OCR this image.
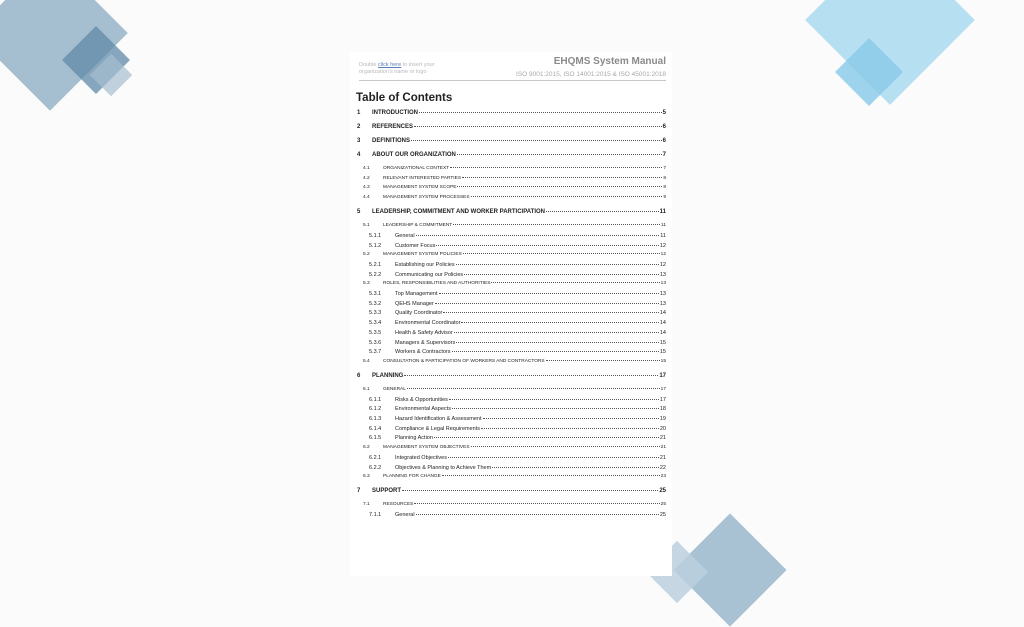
Double click here to insert your organization's name or logo
EHQMS System Manual
ISO 9001:2015, ISO 14001:2015 & ISO 45001:2018
Table of Contents
1	INTRODUCTION	5
2	REFERENCES	6
3	DEFINITIONS	6
4	ABOUT OUR ORGANIZATION	7
4.1	ORGANIZATIONAL CONTEXT	7
4.2	RELEVANT INTERESTED PARTIES	8
4.3	MANAGEMENT SYSTEM SCOPE	8
4.4	MANAGEMENT SYSTEM PROCESSES	9
5	LEADERSHIP, COMMITMENT AND WORKER PARTICIPATION	11
5.1	LEADERSHIP & COMMITMENT	11
5.1.1	General	11
5.1.2	Customer Focus	12
5.2	MANAGEMENT SYSTEM POLICIES	12
5.2.1	Establishing our Policies	12
5.2.2	Communicating our Policies	13
5.3	ROLES, RESPONSIBILITIES AND AUTHORITIES	13
5.3.1	Top Management	13
5.3.2	QEHS Manager	13
5.3.3	Quality Coordinator	14
5.3.4	Environmental Coordinator	14
5.3.5	Health & Safety Advisor	14
5.3.6	Managers & Supervisors	15
5.3.7	Workers & Contractors	15
5.4	CONSULTATION & PARTICIPATION OF WORKERS AND CONTRACTORS	15
6	PLANNING	17
6.1	GENERAL	17
6.1.1	Risks & Opportunities	17
6.1.2	Environmental Aspects	18
6.1.3	Hazard Identification & Assessment	19
6.1.4	Compliance & Legal Requirements	20
6.1.5	Planning Action	21
6.2	MANAGEMENT SYSTEM OBJECTIVES	21
6.2.1	Integrated Objectives	21
6.2.2	Objectives & Planning to Achieve Them	22
6.3	PLANNING FOR CHANGE	23
7	SUPPORT	25
7.1	RESOURCES	25
7.1.1	General	25
